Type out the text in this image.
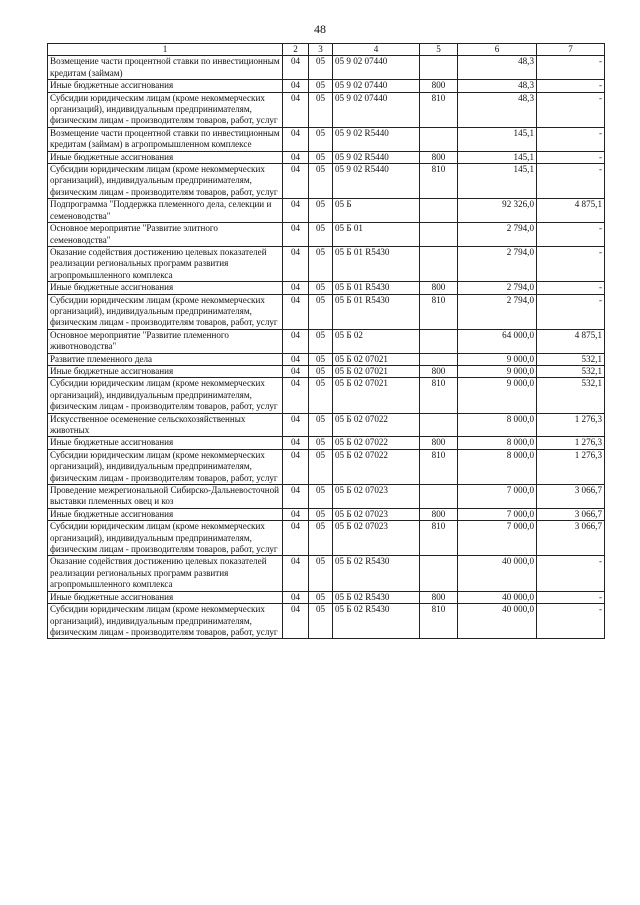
48
1	2	3	4	5	6	7
Возмещение части процентной ставки по инвестиционным кредитам (займам)	04	05	05 9 02 07440		48,3	-
Иные бюджетные ассигнования	04	05	05 9 02 07440	800	48,3	-
Субсидии юридическим лицам (кроме некоммерческих организаций), индивидуальным предпринимателям, физическим лицам - производителям товаров, работ, услуг	04	05	05 9 02 07440	810	48,3	-
Возмещение части процентной ставки по инвестиционным кредитам (займам) в агропромышленном комплексе	04	05	05 9 02 R5440		145,1	-
Иные бюджетные ассигнования	04	05	05 9 02 R5440	800	145,1	-
Субсидии юридическим лицам (кроме некоммерческих организаций), индивидуальным предпринимателям, физическим лицам - производителям товаров, работ, услуг	04	05	05 9 02 R5440	810	145,1	-
Подпрограмма "Поддержка племенного дела, селекции и семеноводства"	04	05	05 Б		92 326,0	4 875,1
Основное мероприятие "Развитие элитного семеноводства"	04	05	05 Б 01		2 794,0	-
Оказание содействия достижению целевых показателей реализации региональных программ развития агропромышленного комплекса	04	05	05 Б 01 R5430		2 794,0	-
Иные бюджетные ассигнования	04	05	05 Б 01 R5430	800	2 794,0	-
Субсидии юридическим лицам (кроме некоммерческих организаций), индивидуальным предпринимателям, физическим лицам - производителям товаров, работ, услуг	04	05	05 Б 01 R5430	810	2 794,0	-
Основное мероприятие "Развитие племенного животноводства"	04	05	05 Б 02		64 000,0	4 875,1
Развитие племенного дела	04	05	05 Б 02 07021		9 000,0	532,1
Иные бюджетные ассигнования	04	05	05 Б 02 07021	800	9 000,0	532,1
Субсидии юридическим лицам (кроме некоммерческих организаций), индивидуальным предпринимателям, физическим лицам - производителям товаров, работ, услуг	04	05	05 Б 02 07021	810	9 000,0	532,1
Искусственное осеменение сельскохозяйственных животных	04	05	05 Б 02 07022		8 000,0	1 276,3
Иные бюджетные ассигнования	04	05	05 Б 02 07022	800	8 000,0	1 276,3
Субсидии юридическим лицам (кроме некоммерческих организаций), индивидуальным предпринимателям, физическим лицам - производителям товаров, работ, услуг	04	05	05 Б 02 07022	810	8 000,0	1 276,3
Проведение межрегиональной Сибирско-Дальневосточной выставки племенных овец и коз	04	05	05 Б 02 07023		7 000,0	3 066,7
Иные бюджетные ассигнования	04	05	05 Б 02 07023	800	7 000,0	3 066,7
Субсидии юридическим лицам (кроме некоммерческих организаций), индивидуальным предпринимателям, физическим лицам - производителям товаров, работ, услуг	04	05	05 Б 02 07023	810	7 000,0	3 066,7
Оказание содействия достижению целевых показателей реализации региональных программ развития агропромышленного комплекса	04	05	05 Б 02 R5430		40 000,0	-
Иные бюджетные ассигнования	04	05	05 Б 02 R5430	800	40 000,0	-
Субсидии юридическим лицам (кроме некоммерческих организаций), индивидуальным предпринимателям, физическим лицам - производителям товаров, работ, услуг	04	05	05 Б 02 R5430	810	40 000,0	-
